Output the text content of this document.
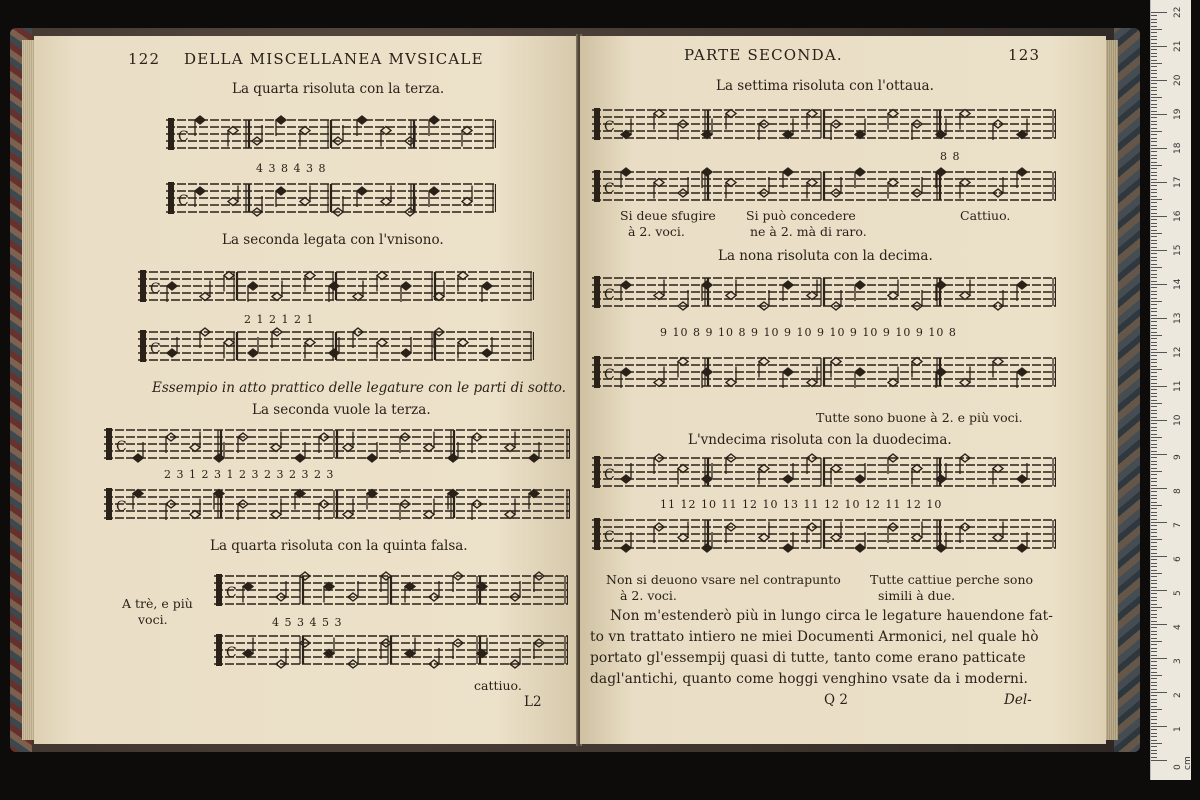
122 DELLA MISCELLANEA MVSICALE
La quarta risoluta con la terza.
C
4 3 8 4 3 8
C
La seconda legata con l'vnisono.
C
2 1 2 1 2 1
C
Essempio in atto prattico delle legature con le parti di sotto.
La seconda vuole la terza.
C
2 3 1 2 3 1 2 3 2 3 2 3 2 3
C
La quarta risoluta con la quinta falsa.
C
A trè, e più
voci.	4 5 3 4 5 3
C
cattiuo.
L2
PARTE SECONDA.	123
La settima risoluta con l'ottaua.
C
8 8
C
Si deue sfugire
à 2. voci.
Si può concedere
ne à 2. mà di raro.
Cattiuo.
La nona risoluta con la decima.
C
9 10 8 9 10 8 9 10 9 10 9 10 9 10 9 10 9 10 8
C
Tutte sono buone à 2. e più voci.
L'vndecima risoluta con la duodecima.
C
11 12 10 11 12 10 13 11 12 10 12 11 12 10
C
Non si deuono vsare nel contrapunto
à 2. voci.
Tutte cattiue perche sono
simili à due.
Non m'estenderò più in lungo circa le legature hauendone fat-
to vn trattato intiero ne miei Documenti Armonici, nel quale hò
portato gl'essempij quasi di tutte, tanto come erano patticate
dagl'antichi, quanto come hoggi venghino vsate da i moderni.
Q 2	Del-
0 cm
1
2
3
4
5
6
7
8
9
10
11
12
13
14
15
16
17
18
19
20
21
22
